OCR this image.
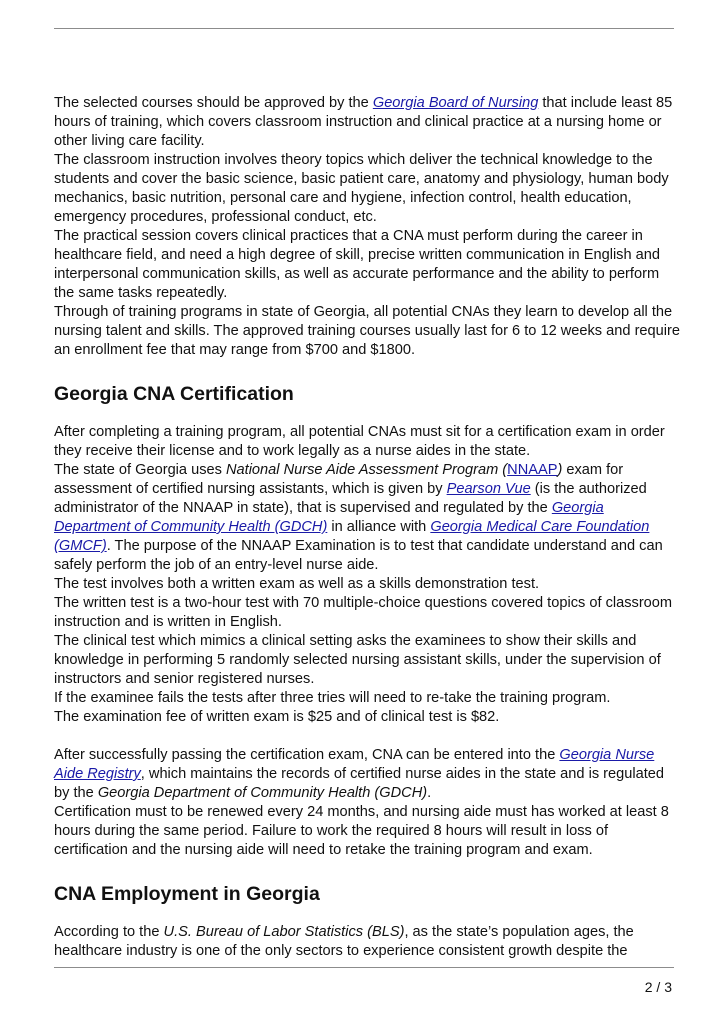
The selected courses should be approved by the Georgia Board of Nursing that include least 85 hours of training, which covers classroom instruction and clinical practice at a nursing home or other living care facility.

The classroom instruction involves theory topics which deliver the technical knowledge to the students and cover the basic science, basic patient care, anatomy and physiology, human body mechanics, basic nutrition, personal care and hygiene, infection control, health education, emergency procedures, professional conduct, etc.

The practical session covers clinical practices that a CNA must perform during the career in healthcare field, and need a high degree of skill, precise written communication in English and interpersonal communication skills, as well as accurate performance and the ability to perform the same tasks repeatedly.

Through of training programs in state of Georgia, all potential CNAs they learn to develop all the nursing talent and skills. The approved training courses usually last for 6 to 12 weeks and require an enrollment fee that may range from $700 and $1800.

Georgia CNA Certification

After completing a training program, all potential CNAs must sit for a certification exam in order they receive their license and to work legally as a nurse aides in the state.

The state of Georgia uses National Nurse Aide Assessment Program (NNAAP) exam for assessment of certified nursing assistants, which is given by Pearson Vue (is the authorized administrator of the NNAAP in state), that is supervised and regulated by the Georgia Department of Community Health (GDCH) in alliance with Georgia Medical Care Foundation (GMCF). The purpose of the NNAAP Examination is to test that candidate understand and can safely perform the job of an entry-level nurse aide.

The test involves both a written exam as well as a skills demonstration test.

The written test is a two-hour test with 70 multiple-choice questions covered topics of classroom instruction and is written in English.

The clinical test which mimics a clinical setting asks the examinees to show their skills and knowledge in performing 5 randomly selected nursing assistant skills, under the supervision of instructors and senior registered nurses.

If the examinee fails the tests after three tries will need to re-take the training program.

The examination fee of written exam is $25 and of clinical test is $82.

After successfully passing the certification exam, CNA can be entered into the Georgia Nurse Aide Registry, which maintains the records of certified nurse aides in the state and is regulated by the Georgia Department of Community Health (GDCH).

Certification must to be renewed every 24 months, and nursing aide must has worked at least 8 hours during the same period. Failure to work the required 8 hours will result in loss of certification and the nursing aide will need to retake the training program and exam.

CNA Employment in Georgia

According to the U.S. Bureau of Labor Statistics (BLS), as the state’s population ages, the healthcare industry is one of the only sectors to experience consistent growth despite the

2 / 3
